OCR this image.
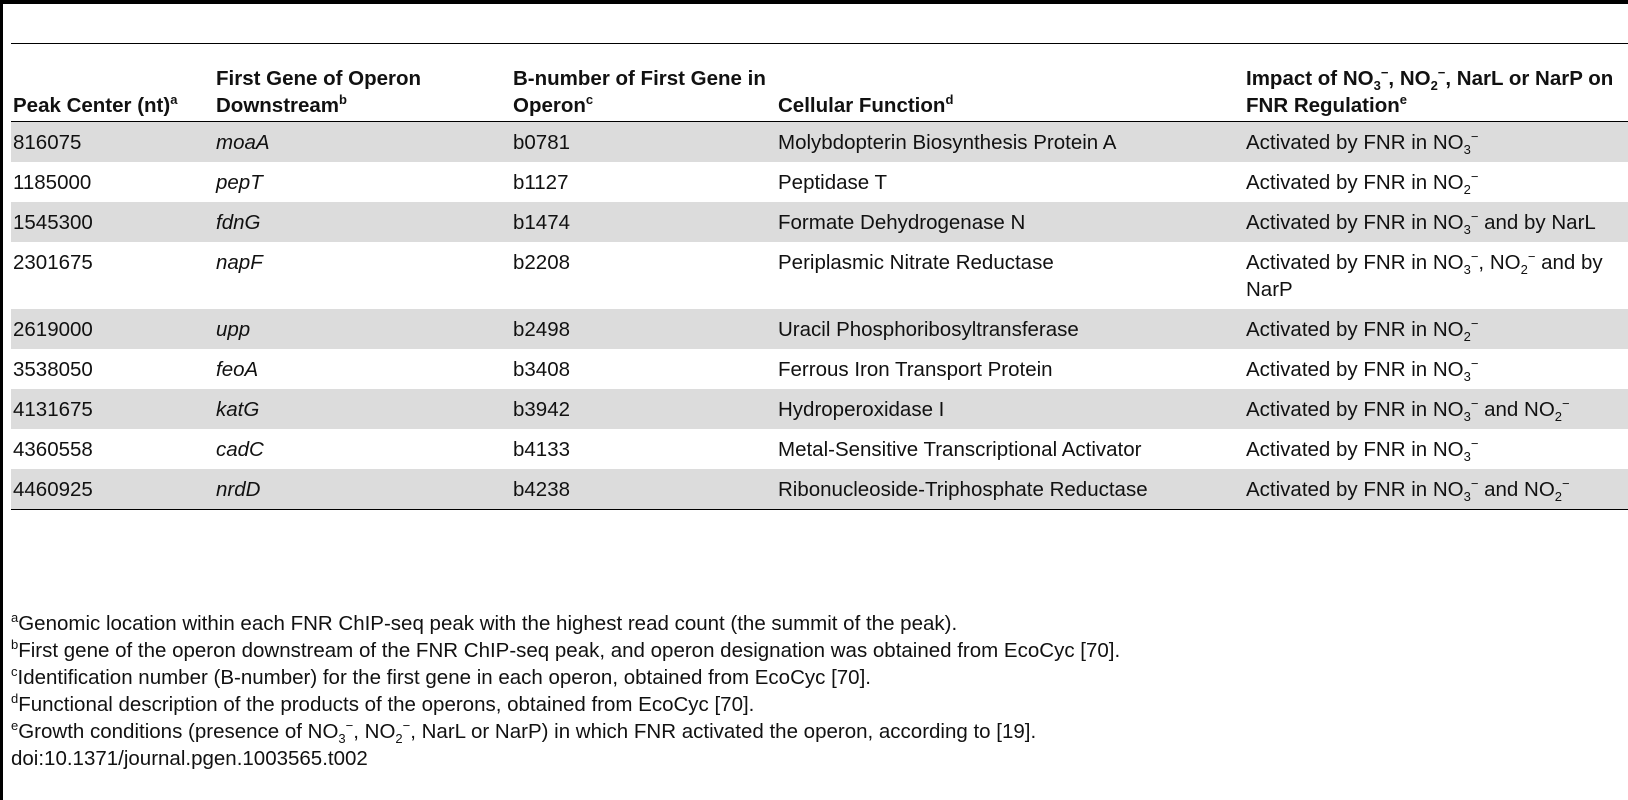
Peak Center (nt)$^a$	First Gene of Operon Downstream$^b$	B-number of First Gene in Operon$^c$	Cellular Function$^d$	Impact of $NO_3^-$, $NO_2^-$, NarL or NarP on FNR Regulation$^e$
816075	moaA	b0781	Molybdopterin Biosynthesis Protein A	Activated by FNR in $NO_3^-$
1185000	pepT	b1127	Peptidase T	Activated by FNR in $NO_2^-$
1545300	fdnG	b1474	Formate Dehydrogenase N	Activated by FNR in $NO_3^-$ and by NarL
2301675	napF	b2208	Periplasmic Nitrate Reductase	Activated by FNR in $NO_3^-$, $NO_2^-$ and by NarP
2619000	upp	b2498	Uracil Phosphoribosyltransferase	Activated by FNR in $NO_2^-$
3538050	feoA	b3408	Ferrous Iron Transport Protein	Activated by FNR in $NO_3^-$
4131675	katG	b3942	Hydroperoxidase I	Activated by FNR in $NO_3^-$ and $NO_2^-$
4360558	cadC	b4133	Metal-Sensitive Transcriptional Activator	Activated by FNR in $NO_3^-$
4460925	nrdD	b4238	Ribonucleoside-Triphosphate Reductase	Activated by FNR in $NO_3^-$ and $NO_2^-$
$^a$Genomic location within each FNR ChIP-seq peak with the highest read count (the summit of the peak).
$^b$First gene of the operon downstream of the FNR ChIP-seq peak, and operon designation was obtained from EcoCyc [70].
$^c$Identification number (B-number) for the first gene in each operon, obtained from EcoCyc [70].
$^d$Functional description of the products of the operons, obtained from EcoCyc [70].
$^e$Growth conditions (presence of $NO_3^-$, $NO_2^-$, NarL or NarP) in which FNR activated the operon, according to [19].
doi:10.1371/journal.pgen.1003565.t002
